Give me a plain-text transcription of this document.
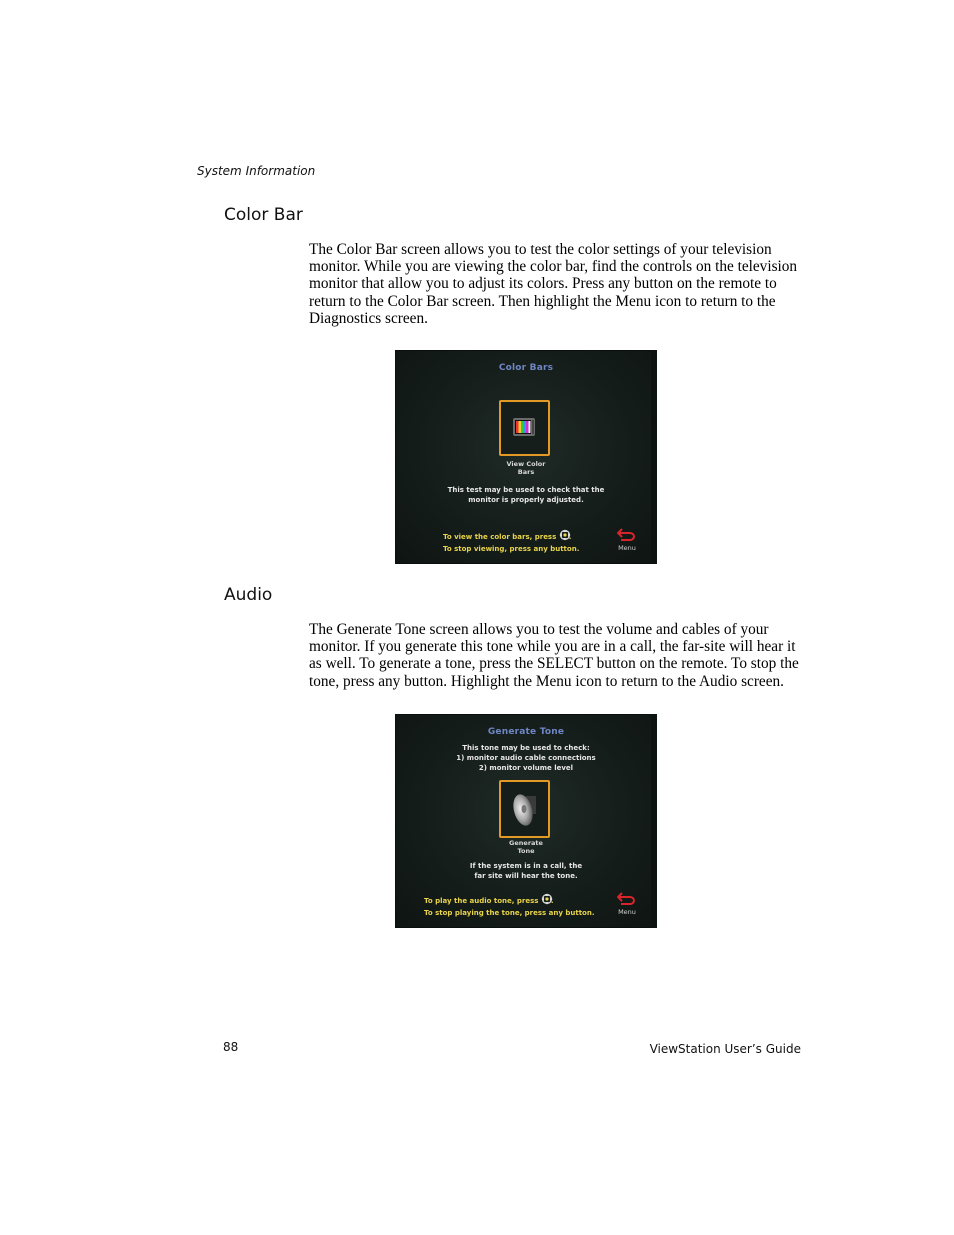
System Information
Color Bar

The Color Bar screen allows you to test the color settings of your television monitor. While you are viewing the color bar, find the controls on the television monitor that allow you to adjust its colors. Press any button on the remote to return to the Color Bar screen. Then highlight the Menu icon to return to the Diagnostics screen.

Color Bars
View Color
Bars
This test may be used to check that the
monitor is properly adjusted.
To view the color bars, press .
To stop viewing, press any button.	Menu
Audio

The Generate Tone screen allows you to test the volume and cables of your monitor. If you generate this tone while you are in a call, the far-site will hear it as well. To generate a tone, press the SELECT button on the remote. To stop the tone, press any button. Highlight the Menu icon to return to the Audio screen.

Generate Tone
This tone may be used to check:
1) monitor audio cable connections
2) monitor volume level
Generate
Tone
If the system is in a call, the
far site will hear the tone.
To play the audio tone, press .
To stop playing the tone, press any button.	Menu
88	ViewStation User’s Guide
